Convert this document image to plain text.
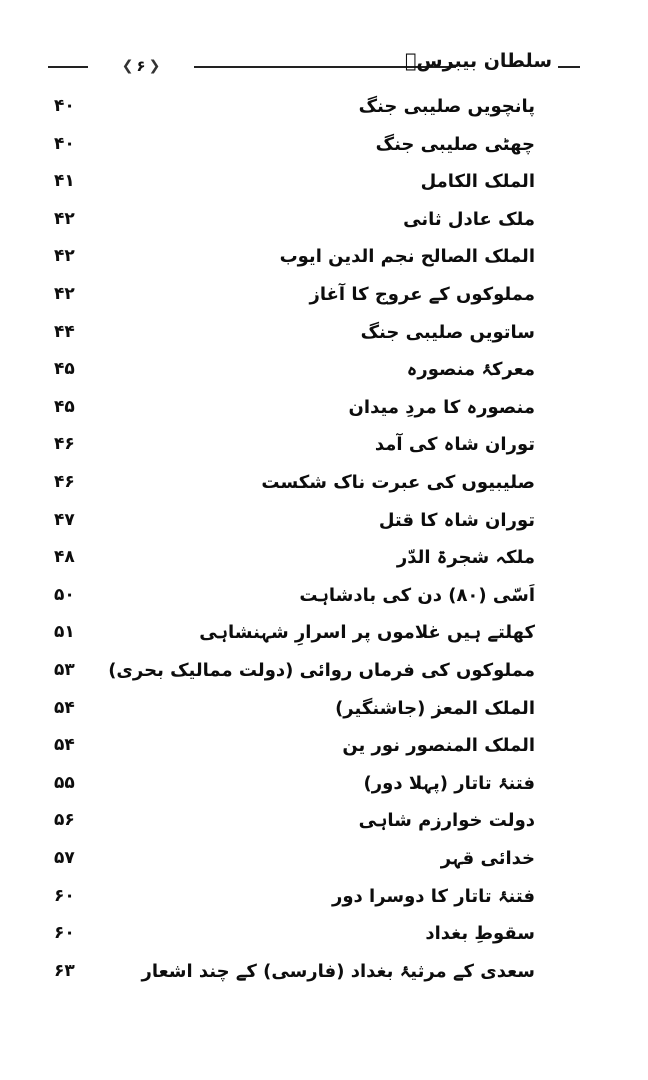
❮ ۶ ❯	سلطان بیبرسؒ
پانچویں صلیبی جنگ
۴۰
چھٹی صلیبی جنگ
۴۰
الملک الکامل
۴۱
ملک عادل ثانی
۴۲
الملک الصالح نجم الدین ایوب
۴۲
مملوکوں کے عروج کا آغاز
۴۲
ساتویں صلیبی جنگ
۴۴
معرکۂ منصورہ
۴۵
منصورہ کا مردِ میدان
۴۵
توران شاہ کی آمد
۴۶
صلیبیوں کی عبرت ناک شکست
۴۶
توران شاہ کا قتل
۴۷
ملکہ شجرۃ الدّر
۴۸
اَسّی (۸۰) دن کی بادشاہت
۵۰
کھلتے ہیں غلاموں پر اسرارِ شہنشاہی
۵۱
مملوکوں کی فرماں روائی (دولت ممالیک بحری)
۵۳
الملک المعز (جاشنگیر)
۵۴
الملک المنصور نور ین
۵۴
فتنۂ تاتار (پہلا دور)
۵۵
دولت خوارزم شاہی
۵۶
خدائی قہر
۵۷
فتنۂ تاتار کا دوسرا دور
۶۰
سقوطِ بغداد
۶۰
سعدی کے مرثیۂ بغداد (فارسی) کے چند اشعار
۶۳
